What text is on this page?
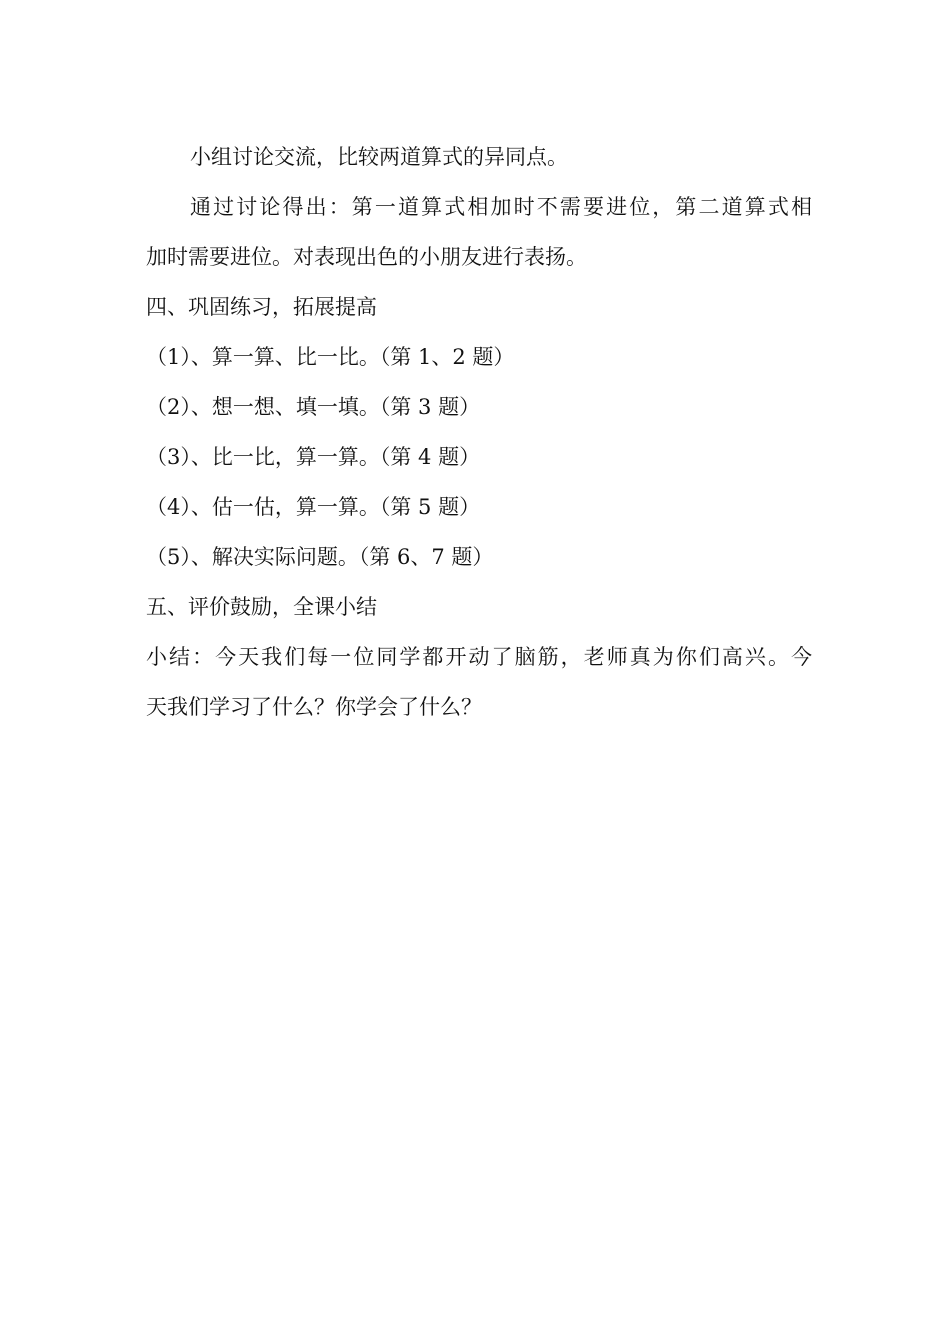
小组讨论交流，比较两道算式的异同点。
通过讨论得出：第一道算式相加时不需要进位，第二道算式相
加时需要进位。对表现出色的小朋友进行表扬。
四、巩固练习，拓展提高
（1）、算一算、比一比。（第 1、2 题）
（2）、想一想、填一填。（第 3 题）
（3）、比一比，算一算。（第 4 题）
（4）、估一估，算一算。（第 5 题）
（5）、解决实际问题。（第 6、7 题）
五、评价鼓励，全课小结
小结：今天我们每一位同学都开动了脑筋，老师真为你们高兴。今
天我们学习了什么？你学会了什么？
